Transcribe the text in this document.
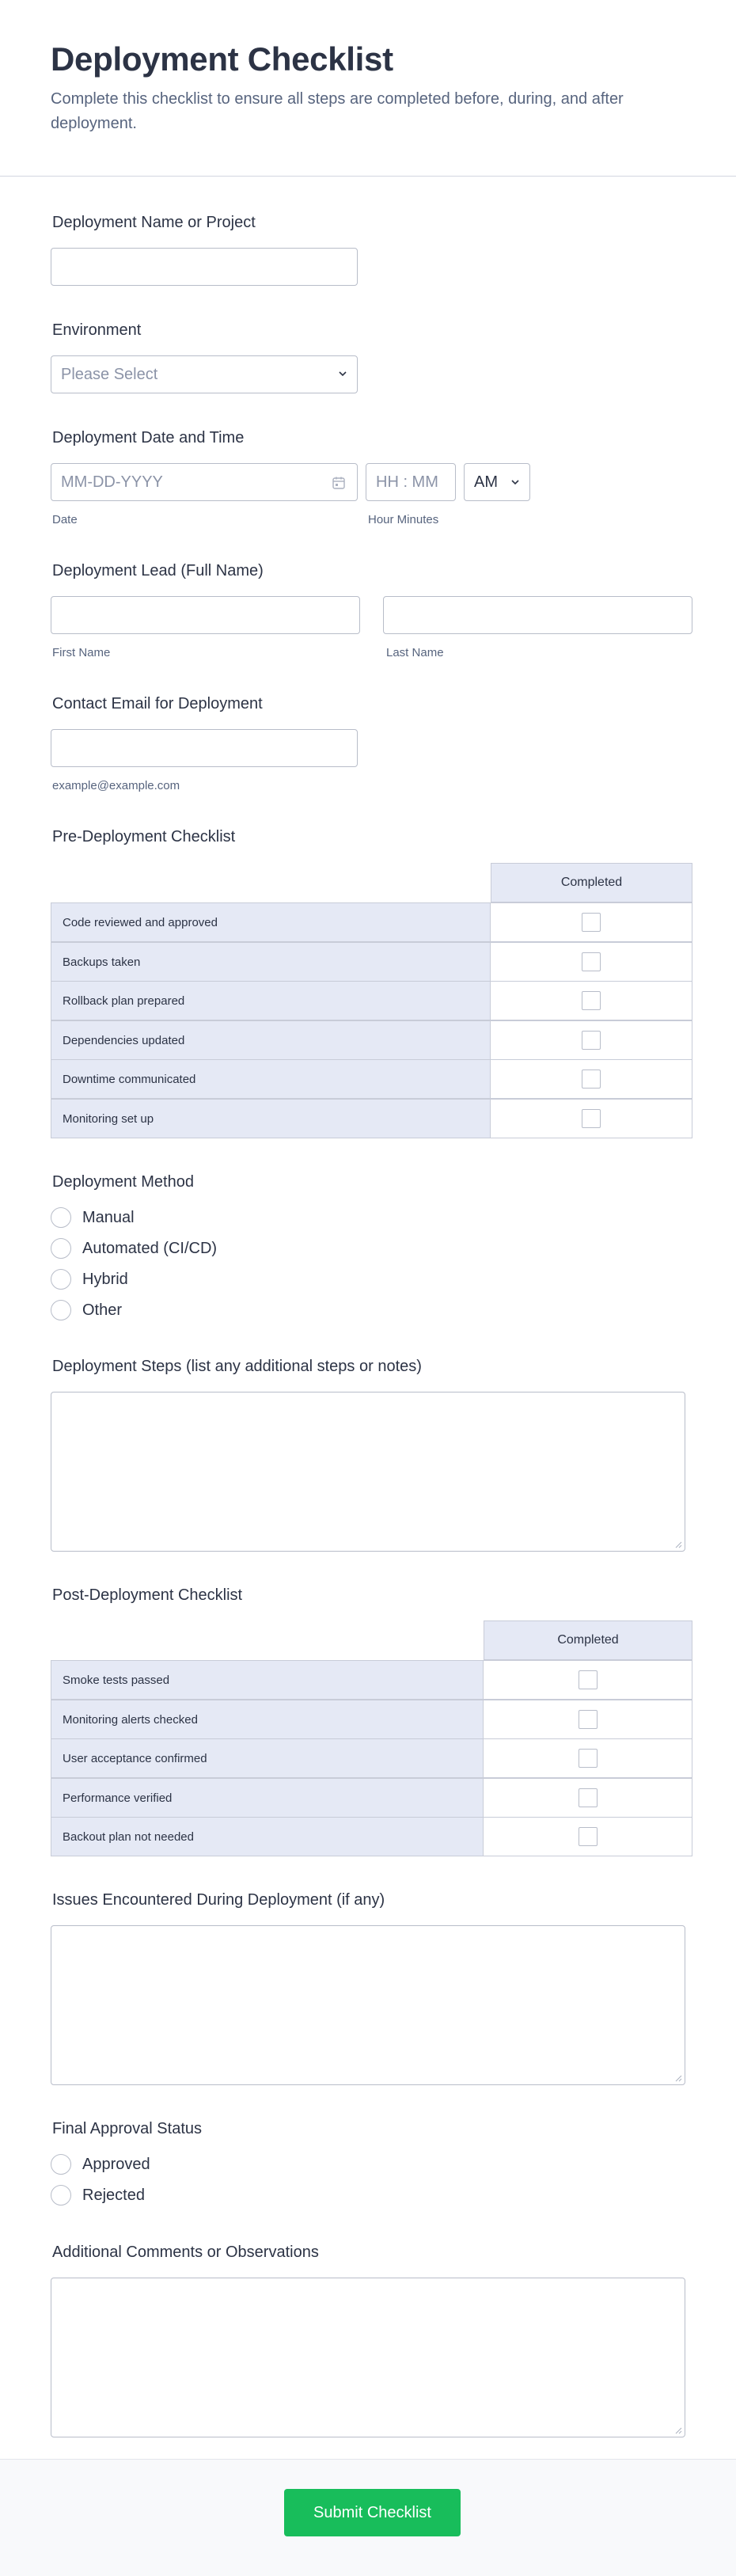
Deployment Checklist

Complete this checklist to ensure all steps are completed before, during, and after deployment.

Deployment Name or Project
Environment
Please Select
Deployment Date and Time
MM-DD-YYYY	HH : MM AM
Date	Hour Minutes
Deployment Lead (Full Name)
First Name	Last Name
Contact Email for Deployment
example@example.com
Pre-Deployment Checklist
Completed
Code reviewed and approved
Backups taken
Rollback plan prepared
Dependencies updated
Downtime communicated
Monitoring set up
Deployment Method
Manual
Automated (CI/CD)
Hybrid
Other
Deployment Steps (list any additional steps or notes)
Post-Deployment Checklist
Completed
Smoke tests passed
Monitoring alerts checked
User acceptance confirmed
Performance verified
Backout plan not needed
Issues Encountered During Deployment (if any)
Final Approval Status
Approved
Rejected
Additional Comments or Observations
Submit Checklist
